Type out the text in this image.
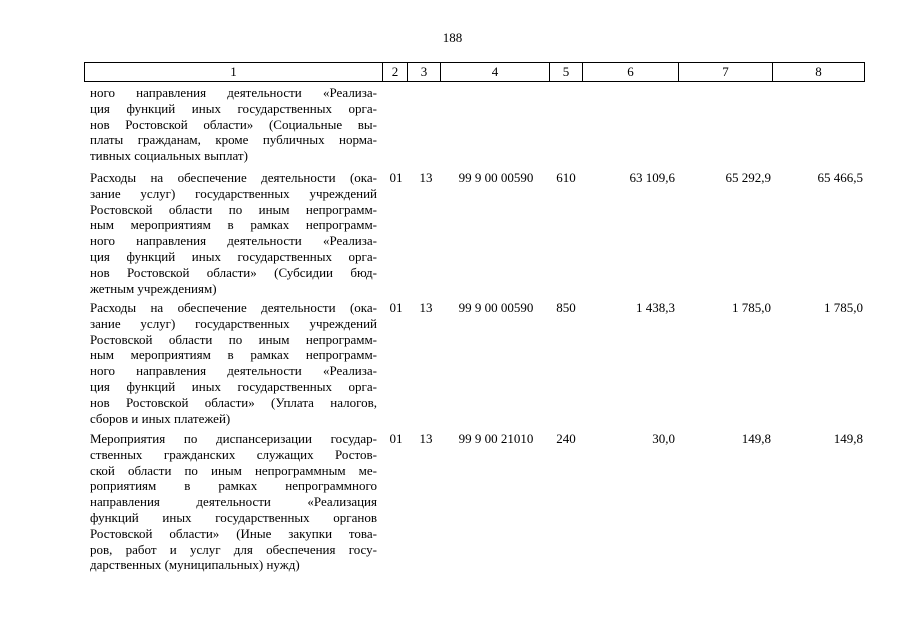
188
1	2	3	4	5	6	7	8
ного направления деятельности «Реализа-
ция функций иных государственных орга-
нов Ростовской области» (Социальные вы-
платы гражданам, кроме публичных норма-
тивных социальных выплат)
Расходы на обеспечение деятельности (ока-
зание услуг) государственных учреждений
Ростовской области по иным непрограмм-
ным мероприятиям в рамках непрограмм-
ного направления деятельности «Реализа-
ция функций иных государственных орга-
нов Ростовской области» (Субсидии бюд-
жетным учреждениям)
01	13	99 9 00 00590	610	63 109,6	65 292,9	65 466,5
Расходы на обеспечение деятельности (ока-
зание услуг) государственных учреждений
Ростовской области по иным непрограмм-
ным мероприятиям в рамках непрограмм-
ного направления деятельности «Реализа-
ция функций иных государственных орга-
нов Ростовской области» (Уплата налогов,
сборов и иных платежей)
01	13	99 9 00 00590	850	1 438,3	1 785,0	1 785,0
Мероприятия по диспансеризации государ-
ственных гражданских служащих Ростов-
ской области по иным непрограммным ме-
роприятиям в рамках непрограммного
направления деятельности «Реализация
функций иных государственных органов
Ростовской области» (Иные закупки това-
ров, работ и услуг для обеспечения госу-
дарственных (муниципальных) нужд)
01	13	99 9 00 21010	240	30,0	149,8	149,8
